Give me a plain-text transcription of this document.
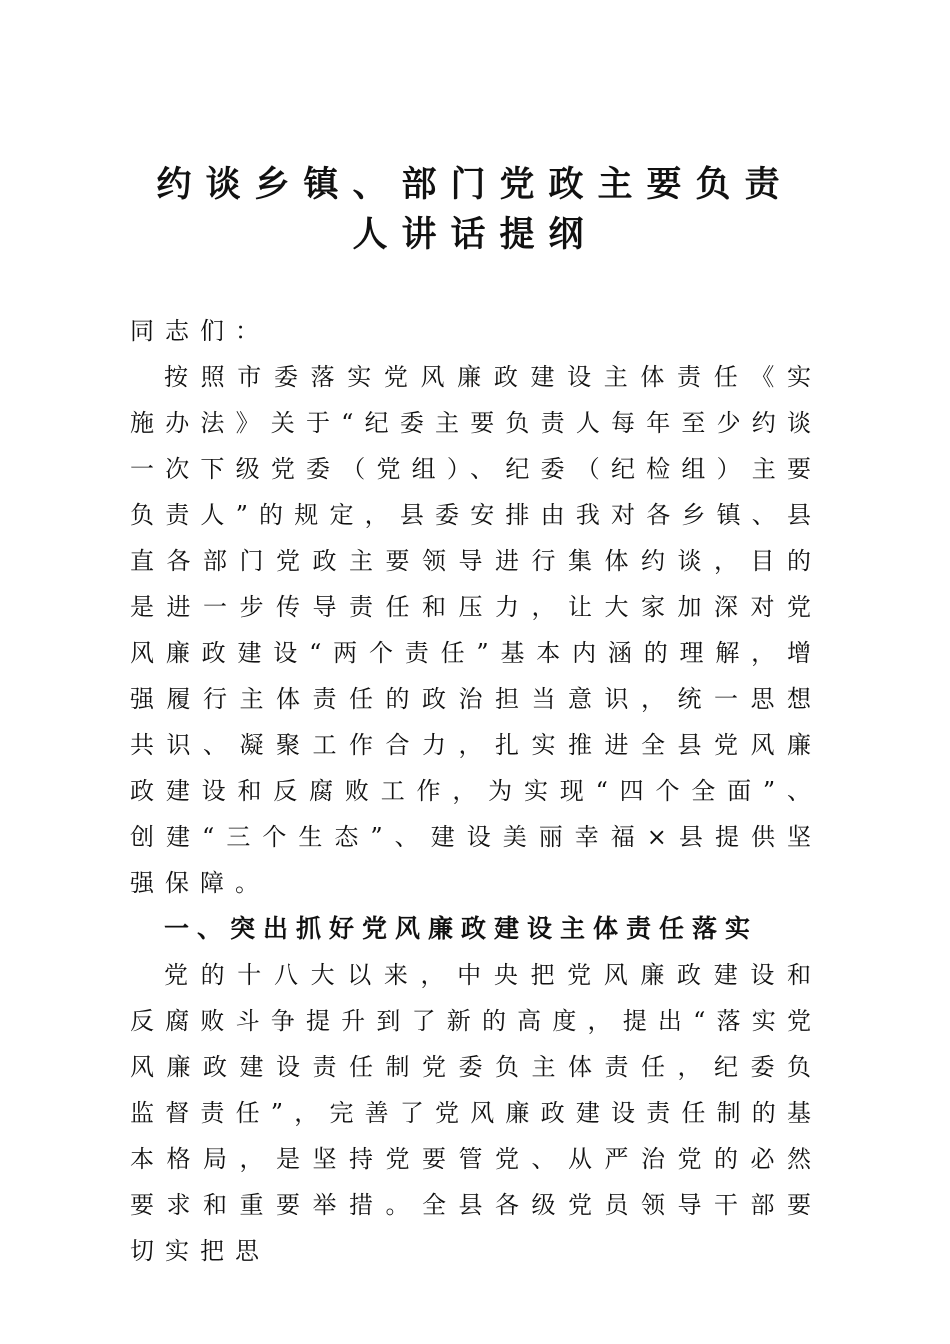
约谈乡镇、部门党政主要负责
人讲话提纲

同志们：

按照市委落实党风廉政建设主体责任《实施办法》关于“纪委主要负责人每年至少约谈一次下级党委（党组）、纪委（纪检组）主要负责人”的规定，县委安排由我对各乡镇、县直各部门党政主要领导进行集体约谈，目的是进一步传导责任和压力，让大家加深对党风廉政建设“两个责任”基本内涵的理解，增强履行主体责任的政治担当意识，统一思想共识、凝聚工作合力，扎实推进全县党风廉政建设和反腐败工作，为实现“四个全面”、创建“三个生态”、建设美丽幸福×县提供坚强保障。

一、突出抓好党风廉政建设主体责任落实

党的十八大以来，中央把党风廉政建设和反腐败斗争提升到了新的高度，提出“落实党风廉政建设责任制党委负主体责任，纪委负监督责任”，完善了党风廉政建设责任制的基本格局，是坚持党要管党、从严治党的必然要求和重要举措。全县各级党员领导干部要切实把思
